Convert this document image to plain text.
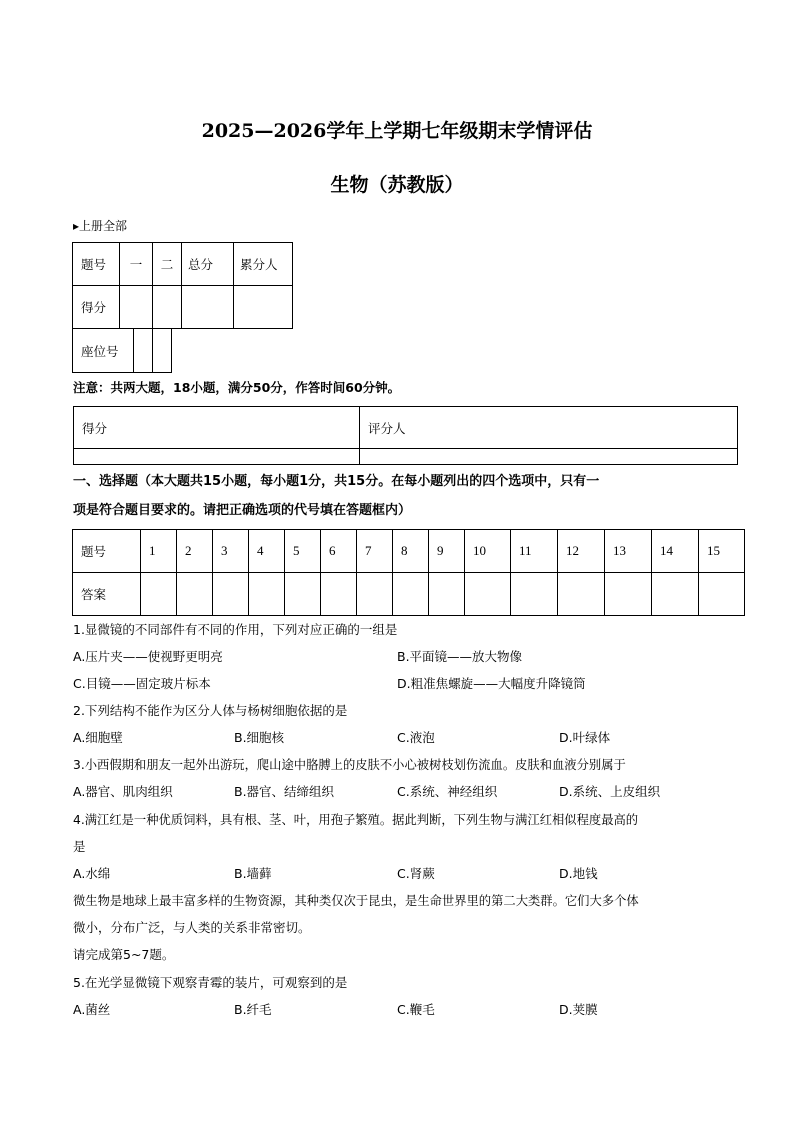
2025—2026学年上学期七年级期末学情评估
生物（苏教版）
▸上册全部
题号	一	二	总分	累分人
得分				
座位号		
注意：共两大题，18小题，满分50分，作答时间60分钟。
得分	评分人

一、选择题（本大题共15小题，每小题1分，共15分。在每小题列出的四个选项中，只有一
项是符合题目要求的。请把正确选项的代号填在答题框内）
题号	1	2	3	4	5	6	7	8	9	10	11	12	13	14	15
答案															
1.显微镜的不同部件有不同的作用，下列对应正确的一组是
A.压片夹——使视野更明亮	B.平面镜——放大物像
C.目镜——固定玻片标本	D.粗准焦螺旋——大幅度升降镜筒
2.下列结构不能作为区分人体与杨树细胞依据的是
A.细胞壁	B.细胞核	C.液泡	D.叶绿体
3.小西假期和朋友一起外出游玩，爬山途中胳膊上的皮肤不小心被树枝划伤流血。皮肤和血液分别属于
A.器官、肌肉组织	B.器官、结缔组织	C.系统、神经组织	D.系统、上皮组织
4.满江红是一种优质饲料，具有根、茎、叶，用孢子繁殖。据此判断，下列生物与满江红相似程度最高的
是
A.水绵	B.墙藓	C.肾蕨	D.地钱
微生物是地球上最丰富多样的生物资源，其种类仅次于昆虫，是生命世界里的第二大类群。它们大多个体
微小，分布广泛，与人类的关系非常密切。
请完成第5~7题。
5.在光学显微镜下观察青霉的装片，可观察到的是
A.菌丝	B.纤毛	C.鞭毛	D.荚膜
